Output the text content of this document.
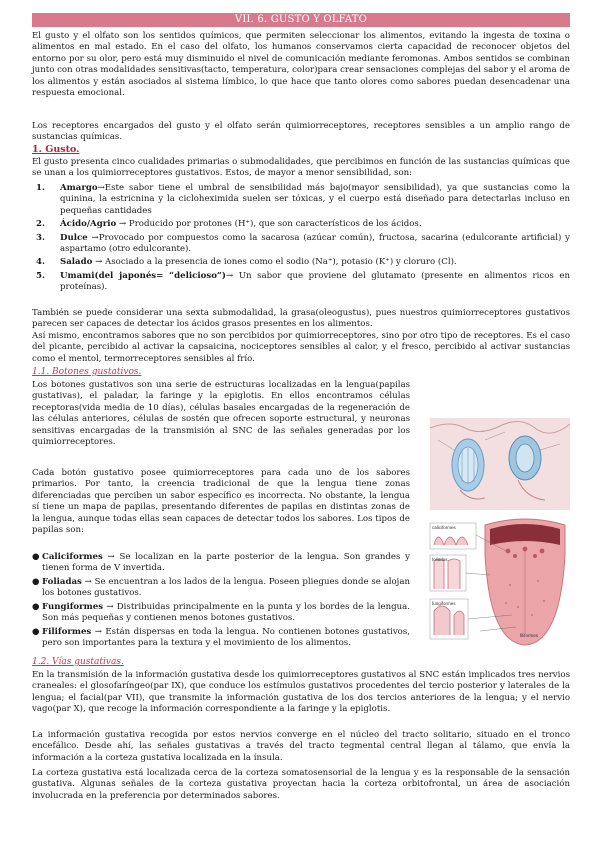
VII. 6. GUSTO Y OLFATO

El gusto y el olfato son los sentidos químicos, que permiten seleccionar los alimentos, evitando la ingesta de toxina o alimentos en mal estado. En el caso del olfato, los humanos conservamos cierta capacidad de reconocer objetos del entorno por su olor, pero está muy disminuido el nivel de comunicación mediante feromonas. Ambos sentidos se combinan junto con otras modalidades sensitivas(tacto, temperatura, color)para crear sensaciones complejas del sabor y el aroma de los alimentos y están asociados al sistema límbico, lo que hace que tanto olores como sabores puedan desencadenar una respuesta emocional.

Los receptores encargados del gusto y el olfato serán quimiorreceptores, receptores sensibles a un amplio rango de sustancias químicas.

1. Gusto.

El gusto presenta cinco cualidades primarias o submodalidades, que percibimos en función de las sustancias químicas que se unan a los quimiorreceptores gustativos. Estos, de mayor a menor sensibilidad, son:

1. Amargo→Este sabor tiene el umbral de sensibilidad más bajo(mayor sensibilidad), ya que sustancias como la quinina, la estricnina y la cicloheximida suelen ser tóxicas, y el cuerpo está diseñado para detectarlas incluso en pequeñas cantidades
2. Ácido/Agrio → Producido por protones (H⁺), que son característicos de los ácidos.
3. Dulce →Provocado por compuestos como la sacarosa (azúcar común), fructosa, sacarina (edulcorante artificial) y aspartamo (otro edulcorante).
4. Salado → Asociado a la presencia de iones como el sodio (Na⁺), potasio (K⁺) y cloruro (Cl).
5. Umami(del japonés= “delicioso”)→ Un sabor que proviene del glutamato (presente en alimentos ricos en proteínas).

También se puede considerar una sexta submodalidad, la grasa(oleogustus), pues nuestros quimiorreceptores gustativos parecen ser capaces de detectar los ácidos grasos presentes en los alimentos.

Así mismo, encontramos sabores que no son percibidos por quimiorreceptores, sino por otro tipo de receptores. Es el caso del picante, percibido al activar la capsaicina, nociceptores sensibles al calor, y el fresco, percibido al activar sustancias como el mentol, termorreceptores sensibles al frío.

1.1. Botones gustativos.

Los botones gustativos son una serie de estructuras localizadas en la lengua(papilas gustativas), el paladar, la faringe y la epiglotis. En ellos encontramos células receptoras(vida media de 10 días), células basales encargadas de la regeneración de las células anteriores, células de sostén que ofrecen soporte estructural, y neuronas sensitivas encargadas de la transmisión al SNC de las señales generadas por los quimiorreceptores.

Cada botón gustativo posee quimiorreceptores para cada uno de los sabores primarios. Por tanto, la creencia tradicional de que la lengua tiene zonas diferenciadas que perciben un sabor específico es incorrecta. No obstante, la lengua sí tiene un mapa de papilas, presentando diferentes de papilas en distintas zonas de la lengua, aunque todas ellas sean capaces de detectar todos los sabores. Los tipos de papilas son:

● Caliciformes → Se localizan en la parte posterior de la lengua. Son grandes y tienen forma de V invertida.
● Foliadas → Se encuentran a los lados de la lengua. Poseen pliegues donde se alojan los botones gustativos.
● Fungiformes → Distribuidas principalmente en la punta y los bordes de la lengua. Son más pequeñas y contienen menos botones gustativos.
● Filiformes → Están dispersas en toda la lengua. No contienen botones gustativos, pero son importantes para la textura y el movimiento de los alimentos.
caliciformes
foliadas
fungiformes
filiformes
1.2. Vías gustativas.

En la transmisión de la información gustativa desde los quimiorreceptores gustativos al SNC están implicados tres nervios craneales: el glosofaríngeo(par IX), que conduce los estímulos gustativos procedentes del tercio posterior y laterales de la lengua; el facial(par VII), que transmite la información gustativa de los dos tercios anteriores de la lengua; y el nervio vago(par X), que recoge la información correspondiente a la faringe y la epiglotis.

La información gustativa recogida por estos nervios converge en el núcleo del tracto solitario, situado en el tronco encefálico. Desde ahí, las señales gustativas a través del tracto tegmental central llegan al tálamo, que envía la información a la corteza gustativa localizada en la ínsula.

La corteza gustativa está localizada cerca de la corteza somatosensorial de la lengua y es la responsable de la sensación gustativa. Algunas señales de la corteza gustativa proyectan hacia la corteza orbitofrontal, un área de asociación involucrada en la preferencia por determinados sabores.
